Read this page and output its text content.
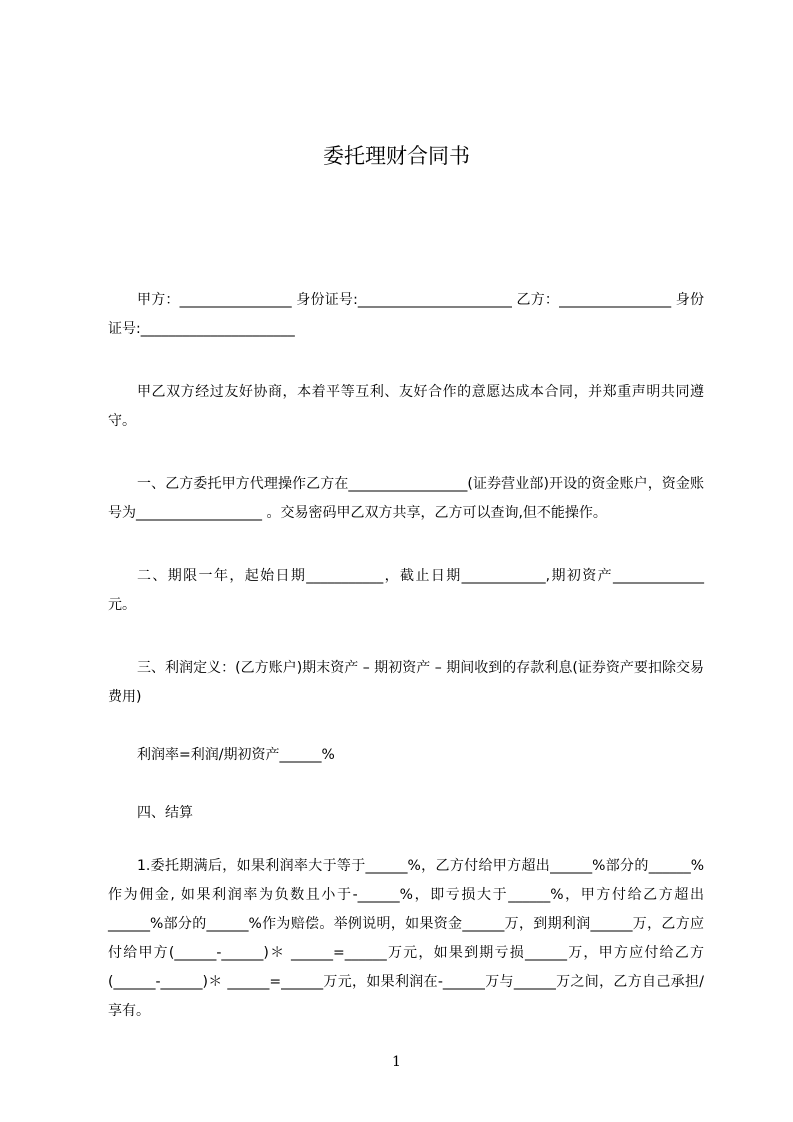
委托理财合同书

甲方：________________ 身份证号:______________________ 乙方：________________ 身份证号:______________________

甲乙双方经过友好协商，本着平等互利、友好合作的意愿达成本合同，并郑重声明共同遵守。

一、乙方委托甲方代理操作乙方在_________________(证券营业部)开设的资金账户，资金账号为__________________ 。交易密码甲乙双方共享，乙方可以查询,但不能操作。

二、期限一年，起始日期___________，截止日期____________,期初资产_____________ 元。

三、利润定义：(乙方账户)期末资产 – 期初资产 – 期间收到的存款利息(证券资产要扣除交易费用)

利润率=利润/期初资产______%

四、结算

1.委托期满后，如果利润率大于等于______%，乙方付给甲方超出______%部分的______%作为佣金, 如果利润率为负数且小于-______%，即亏损大于______%，甲方付给乙方超出______%部分的______%作为赔偿。举例说明，如果资金______万，到期利润______万，乙方应付给甲方(______-______)＊ ______=______万元，如果到期亏损______万，甲方应付给乙方(______-______)＊ ______=______万元，如果利润在-______万与______万之间，乙方自己承担/享有。

1
